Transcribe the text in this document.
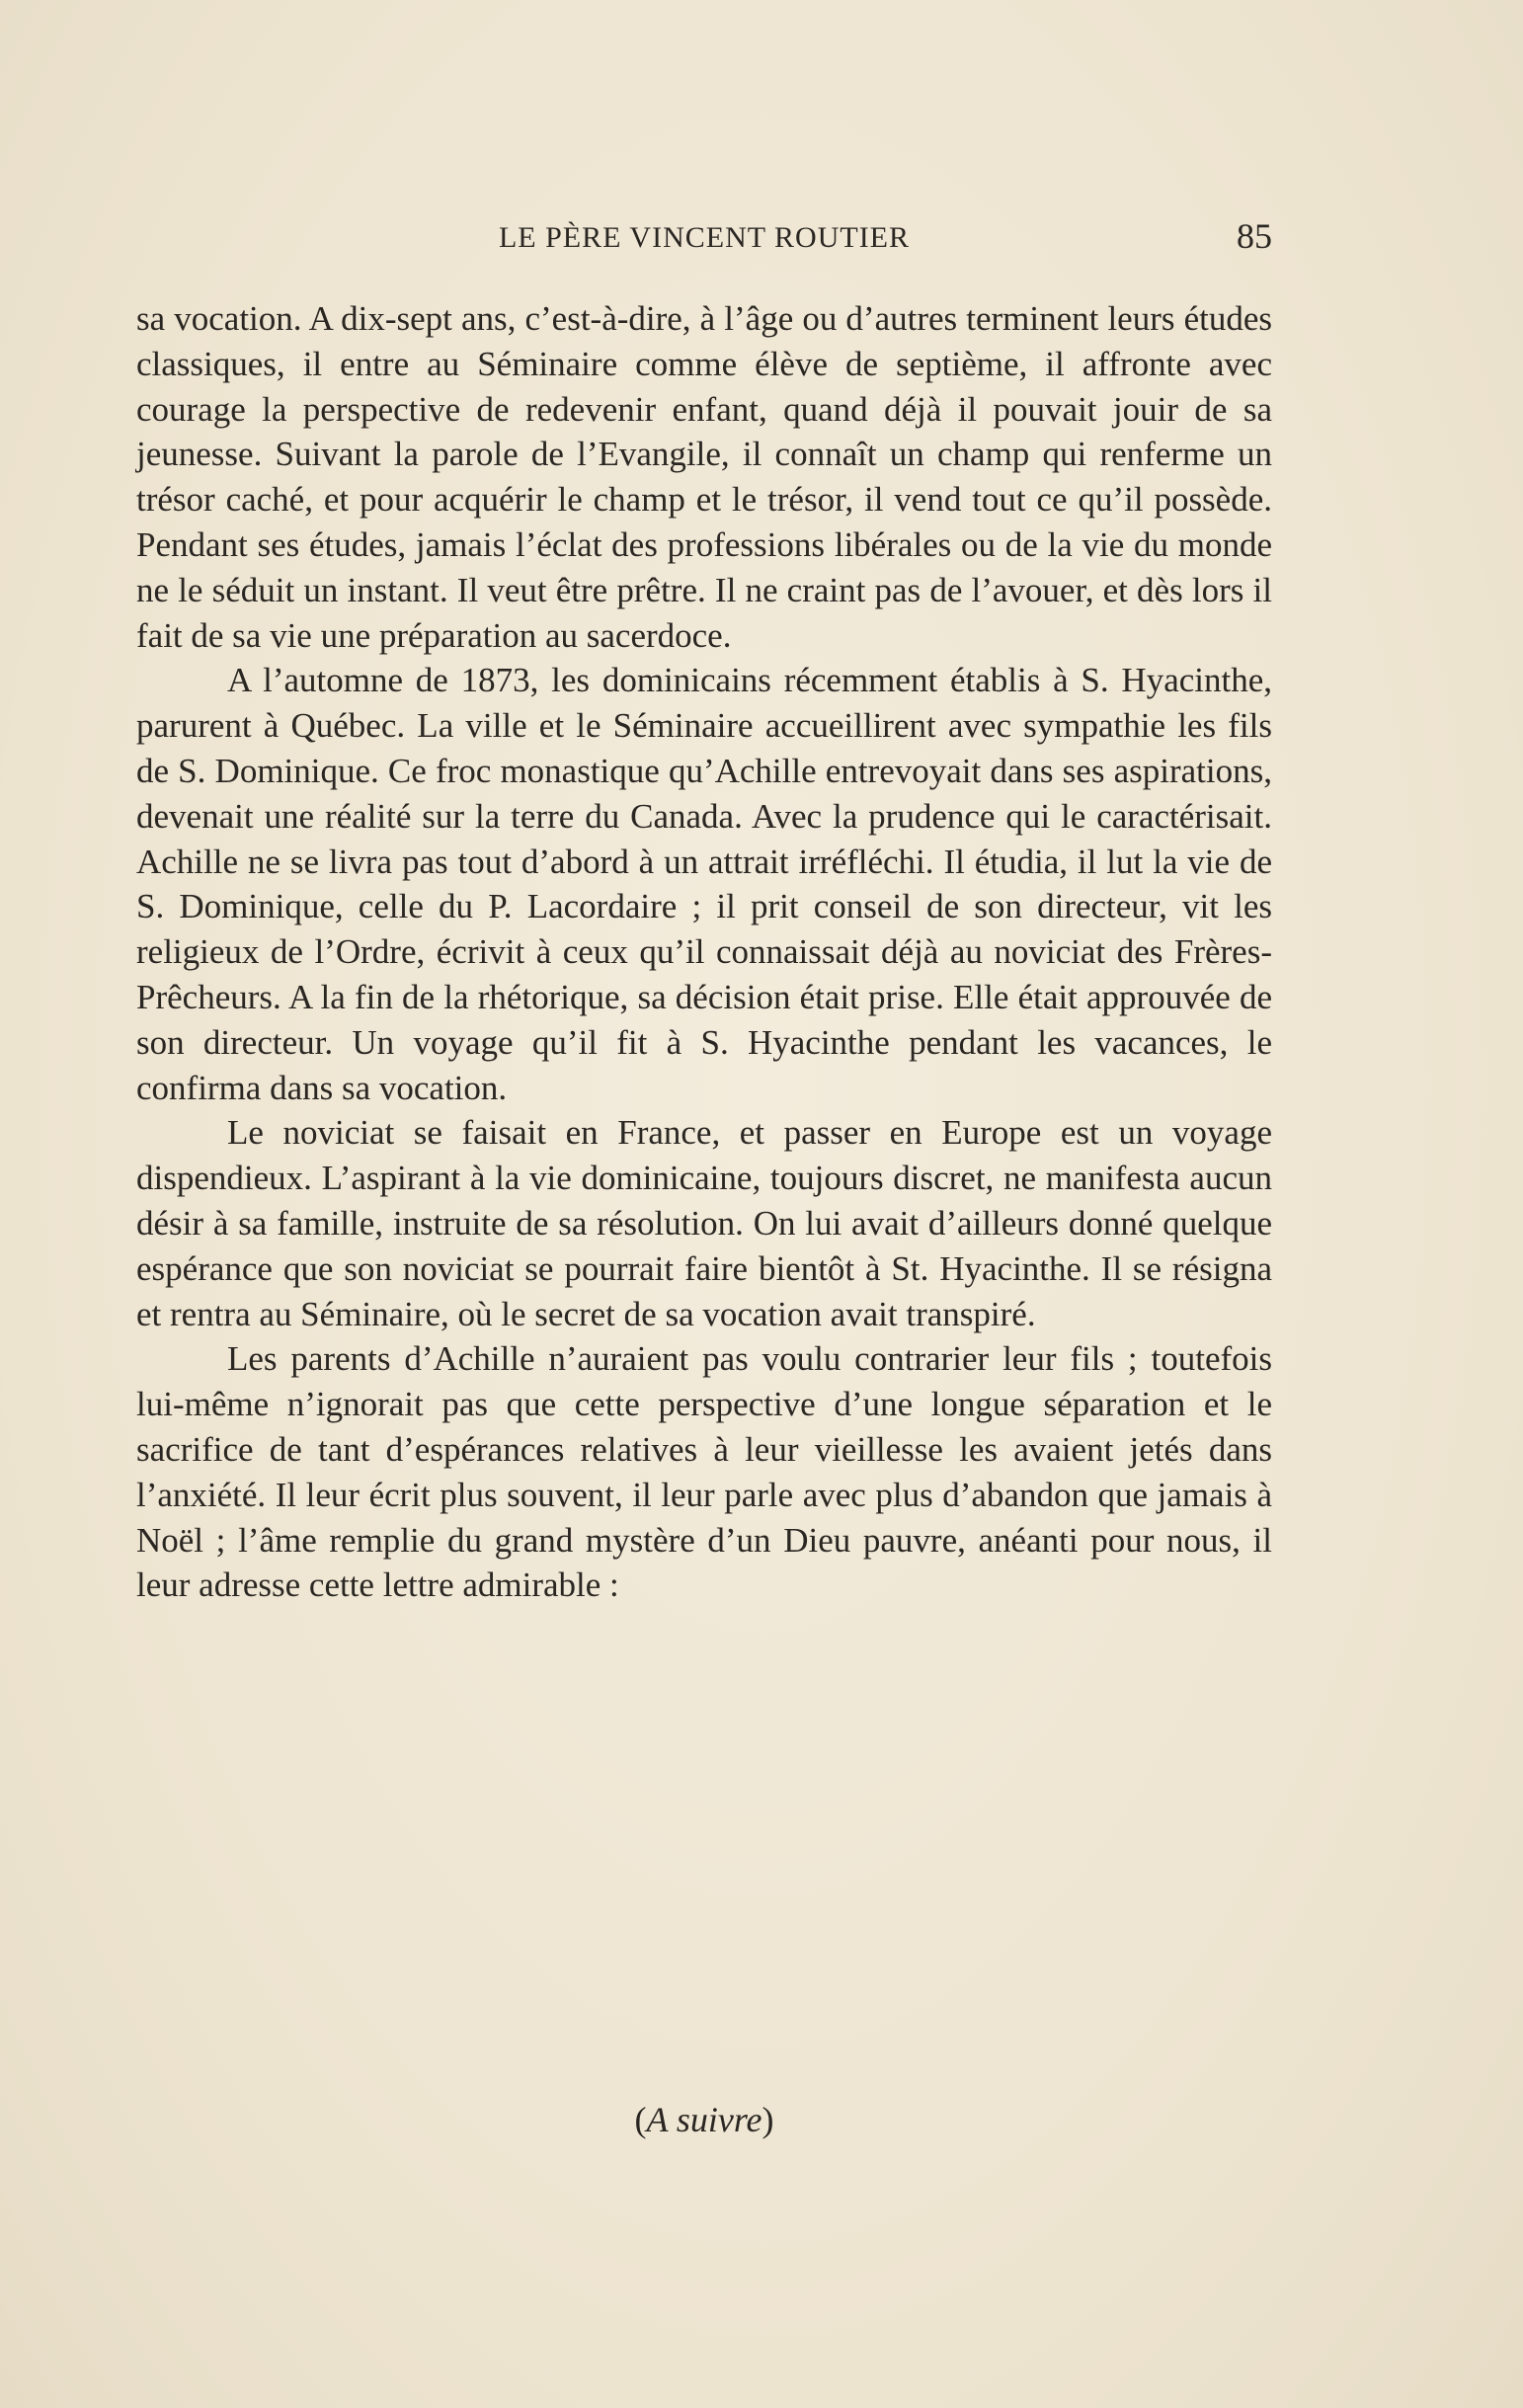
LE PÈRE VINCENT ROUTIER	85

sa vocation. A dix-sept ans, c’est-à-dire, à l’âge ou d’autres terminent leurs études classiques, il entre au Séminaire comme élève de septième, il affronte avec courage la perspective de redevenir enfant, quand déjà il pouvait jouir de sa jeunesse. Suivant la parole de l’Evangile, il connaît un champ qui renferme un trésor caché, et pour acquérir le champ et le trésor, il vend tout ce qu’il possède. Pendant ses études, jamais l’éclat des professions libérales ou de la vie du monde ne le séduit un instant. Il veut être prêtre. Il ne craint pas de l’avouer, et dès lors il fait de sa vie une préparation au sacerdoce.

A l’automne de 1873, les dominicains récemment établis à S. Hyacinthe, parurent à Québec. La ville et le Séminaire accueillirent avec sympathie les fils de S. Dominique. Ce froc monastique qu’Achille entrevoyait dans ses aspirations, devenait une réalité sur la terre du Canada. Avec la prudence qui le caractérisait. Achille ne se livra pas tout d’abord à un attrait irréfléchi. Il étudia, il lut la vie de S. Dominique, celle du P. Lacordaire ; il prit conseil de son directeur, vit les religieux de l’Ordre, écrivit à ceux qu’il connaissait déjà au noviciat des Frères-Prêcheurs. A la fin de la rhétorique, sa décision était prise. Elle était approuvée de son directeur. Un voyage qu’il fit à S. Hyacinthe pendant les vacances, le confirma dans sa vocation.

Le noviciat se faisait en France, et passer en Europe est un voyage dispendieux. L’aspirant à la vie dominicaine, toujours discret, ne manifesta aucun désir à sa famille, instruite de sa résolution. On lui avait d’ailleurs donné quelque espérance que son noviciat se pourrait faire bientôt à St. Hyacinthe. Il se résigna et rentra au Séminaire, où le secret de sa vocation avait transpiré.

Les parents d’Achille n’auraient pas voulu contrarier leur fils ; toutefois lui-même n’ignorait pas que cette perspective d’une longue séparation et le sacrifice de tant d’espérances relatives à leur vieillesse les avaient jetés dans l’anxiété. Il leur écrit plus souvent, il leur parle avec plus d’abandon que jamais à Noël ; l’âme remplie du grand mystère d’un Dieu pauvre, anéanti pour nous, il leur adresse cette lettre admirable :

(A suivre)
